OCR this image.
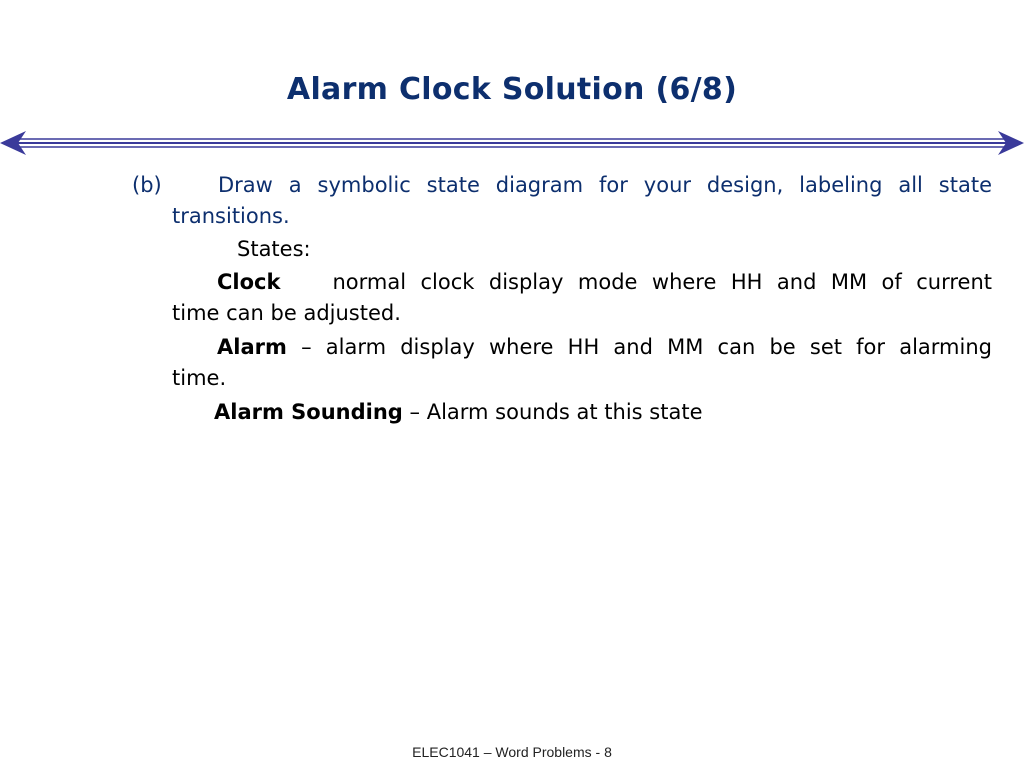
Alarm Clock Solution (6/8)
(b)	Draw a symbolic state diagram for your design, labeling all state
transitions.
States:
Clock normal clock display mode where HH and MM of current
time can be adjusted.
Alarm – alarm display where HH and MM can be set for alarming
time.
Alarm Sounding – Alarm sounds at this state
ELEC1041 – Word Problems - 8
